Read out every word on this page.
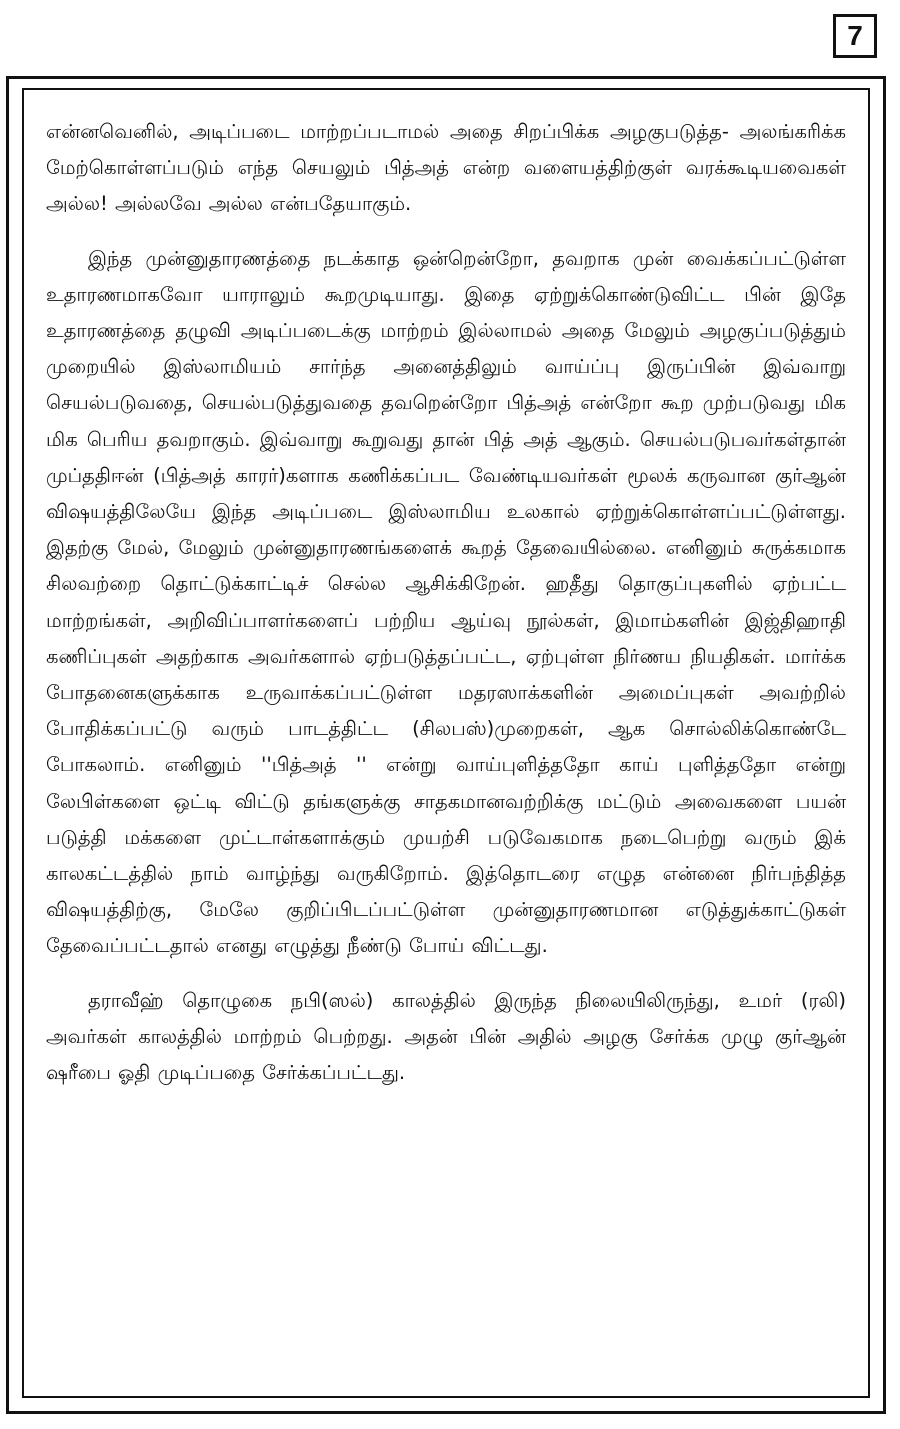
7

என்னவெனில், அடிப்படை மாற்றப்படாமல் அதை சிறப்பிக்க அழகுபடுத்த- அலங்கரிக்க மேற்கொள்ளப்படும் எந்த செயலும் பித்அத் என்ற வளையத்திற்குள் வரக்கூடியவைகள் அல்ல! அல்லவே அல்ல என்பதேயாகும்.

இந்த முன்னுதாரணத்தை நடக்காத ஒன்றென்றோ, தவறாக முன் வைக்கப்பட்டுள்ள உதாரணமாகவோ யாராலும் கூறமுடியாது. இதை ஏற்றுக்கொண்டுவிட்ட பின் இதே உதாரணத்தை தழுவி அடிப்படைக்கு மாற்றம் இல்லாமல் அதை மேலும் அழகுப்படுத்தும் முறையில் இஸ்லாமியம் சார்ந்த அனைத்திலும் வாய்ப்பு இருப்பின் இவ்வாறு செயல்படுவதை, செயல்படுத்துவதை தவறென்றோ பித்அத் என்றோ கூற முற்படுவது மிக மிக பெரிய தவறாகும். இவ்வாறு கூறுவது தான் பித் அத் ஆகும். செயல்படுபவர்கள்தான் முப்ததிஈன் (பித்அத் காரர்)களாக கணிக்கப்பட வேண்டியவர்கள் மூலக் கருவான குர்ஆன் விஷயத்திலேயே இந்த அடிப்படை இஸ்லாமிய உலகால் ஏற்றுக்கொள்ளப்பட்டுள்ளது. இதற்கு மேல், மேலும் முன்னுதாரணங்களைக் கூறத் தேவையில்லை. எனினும் சுருக்கமாக சிலவற்றை தொட்டுக்காட்டிச் செல்ல ஆசிக்கிறேன். ஹதீது தொகுப்புகளில் ஏற்பட்ட மாற்றங்கள், அறிவிப்பாளர்களைப் பற்றிய ஆய்வு நூல்கள், இமாம்களின் இஜ்திஹாதி கணிப்புகள் அதற்காக அவர்களால் ஏற்படுத்தப்பட்ட, ஏற்புள்ள நிர்ணய நியதிகள். மார்க்க போதனைகளுக்காக உருவாக்கப்பட்டுள்ள மதரஸாக்களின் அமைப்புகள் அவற்றில் போதிக்கப்பட்டு வரும் பாடத்திட்ட (சிலபஸ்)முறைகள், ஆக சொல்லிக்கொண்டே போகலாம். எனினும் ''பித்அத் '' என்று வாய்புளித்ததோ காய் புளித்ததோ என்று லேபிள்களை ஒட்டி விட்டு தங்களுக்கு சாதகமானவற்றிக்கு மட்டும் அவைகளை பயன் படுத்தி மக்களை முட்டாள்களாக்கும் முயற்சி படுவேகமாக நடைபெற்று வரும் இக் காலகட்டத்தில் நாம் வாழ்ந்து வருகிறோம். இத்தொடரை எழுத என்னை நிர்பந்தித்த விஷயத்திற்கு, மேலே குறிப்பிடப்பட்டுள்ள முன்னுதாரணமான எடுத்துக்காட்டுகள் தேவைப்பட்டதால் எனது எழுத்து நீண்டு போய் விட்டது.

தராவீஹ் தொழுகை நபி(ஸல்) காலத்தில் இருந்த நிலையிலிருந்து, உமர் (ரலி) அவர்கள் காலத்தில் மாற்றம் பெற்றது. அதன் பின் அதில் அழகு சேர்க்க முழு குர்ஆன் ஷரீபை ஓதி முடிப்பதை சேர்க்கப்பட்டது.
